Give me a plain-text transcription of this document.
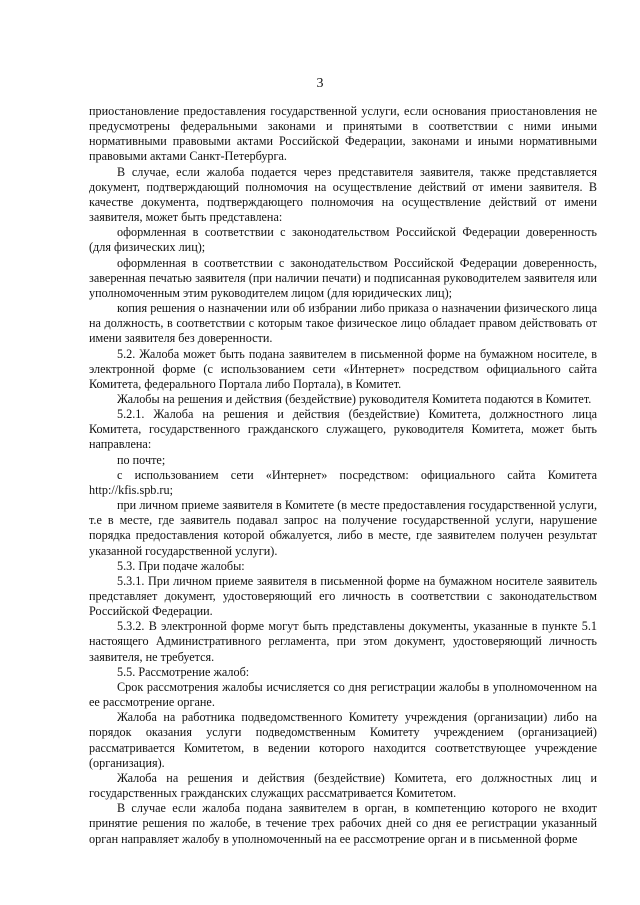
3

приостановление предоставления государственной услуги, если основания приостановления не предусмотрены федеральными законами и принятыми в соответствии с ними иными нормативными правовыми актами Российской Федерации, законами и иными нормативными правовыми актами Санкт-Петербурга.

В случае, если жалоба подается через представителя заявителя, также представляется документ, подтверждающий полномочия на осуществление действий от имени заявителя. В качестве документа, подтверждающего полномочия на осуществление действий от имени заявителя, может быть представлена:

оформленная в соответствии с законодательством Российской Федерации доверенность (для физических лиц);

оформленная в соответствии с законодательством Российской Федерации доверенность, заверенная печатью заявителя (при наличии печати) и подписанная руководителем заявителя или уполномоченным этим руководителем лицом (для юридических лиц);

копия решения о назначении или об избрании либо приказа о назначении физического лица на должность, в соответствии с которым такое физическое лицо обладает правом действовать от имени заявителя без доверенности.

5.2. Жалоба может быть подана заявителем в письменной форме на бумажном носителе, в электронной форме (с использованием сети «Интернет» посредством официального сайта Комитета, федерального Портала либо Портала), в Комитет.

Жалобы на решения и действия (бездействие) руководителя Комитета подаются в Комитет.

5.2.1. Жалоба на решения и действия (бездействие) Комитета, должностного лица Комитета, государственного гражданского служащего, руководителя Комитета, может быть направлена:

по почте;

с использованием сети «Интернет» посредством: официального сайта Комитета http://kfis.spb.ru;

при личном приеме заявителя в Комитете (в месте предоставления государственной услуги, т.е в месте, где заявитель подавал запрос на получение государственной услуги, нарушение порядка предоставления которой обжалуется, либо в месте, где заявителем получен результат указанной государственной услуги).

5.3. При подаче жалобы:

5.3.1. При личном приеме заявителя в письменной форме на бумажном носителе заявитель представляет документ, удостоверяющий его личность в соответствии с законодательством Российской Федерации.

5.3.2. В электронной форме могут быть представлены документы, указанные в пункте 5.1 настоящего Административного регламента, при этом документ, удостоверяющий личность заявителя, не требуется.

5.5. Рассмотрение жалоб:

Срок рассмотрения жалобы исчисляется со дня регистрации жалобы в уполномоченном на ее рассмотрение органе.

Жалоба на работника подведомственного Комитету учреждения (организации) либо на порядок оказания услуги подведомственным Комитету учреждением (организацией) рассматривается Комитетом, в ведении которого находится соответствующее учреждение (организация).

Жалоба на решения и действия (бездействие) Комитета, его должностных лиц и государственных гражданских служащих рассматривается Комитетом.

В случае если жалоба подана заявителем в орган, в компетенцию которого не входит принятие решения по жалобе, в течение трех рабочих дней со дня ее регистрации указанный орган направляет жалобу в уполномоченный на ее рассмотрение орган и в письменной форме
